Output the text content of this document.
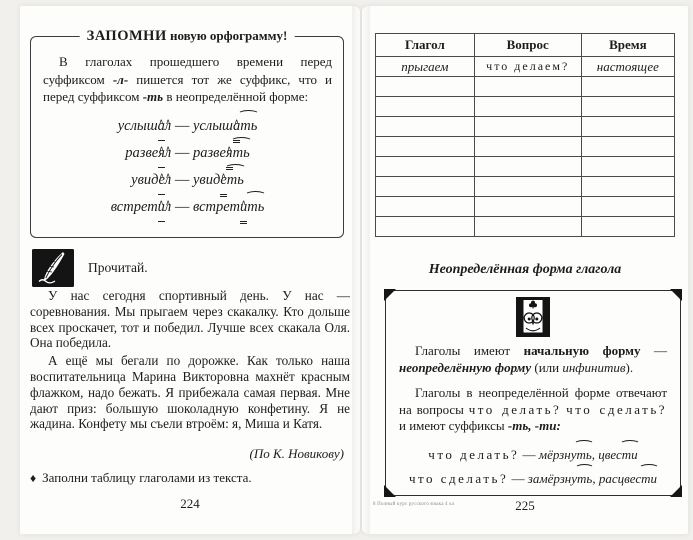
ЗАПОМНИ новую орфограмму!

В глаголах прошедшего времени перед суффиксом -л- пишется тот же суффикс, что и перед суффиксом -ть в неопределённой форме:

услыш∧ а∧ л — услыш∧ ать
разве∧ я∧ л — разве∧ ять
увид∧ е∧ л — увид∧ еть
встрет∧ и∧ л — встрет∧ ить
Прочитай.

У нас сегодня спортивный день. У нас — соревнования. Мы прыгаем через скакалку. Кто дольше всех проскачет, тот и победил. Лучше всех скакала Оля. Она победила.

А ещё мы бегали по дорожке. Как только наша воспитательница Марина Викторовна махнёт красным флажком, надо бежать. Я прибежала самая первая. Мне дают приз: большую шоколадную конфетину. Я не жадина. Конфету мы съели втроём: я, Миша и Катя.

(По К. Новикову)
♦ Заполни таблицу глаголами из текста.
224
Глагол	Вопрос	Время
прыгаем	что делаем?	настоящее

Неопределённая форма глагола

Глаголы имеют начальную форму — неопределённую форму (или инфинитив).

Глаголы в неопределённой форме отвечают на вопросы что делать? что сделать? и имеют суффиксы -ть, -ти:

что делать? — мёрзнуть, цвести
что сделать? — замёрзнуть, расцвести
8 Полный курс русского языка 4 кл	225
